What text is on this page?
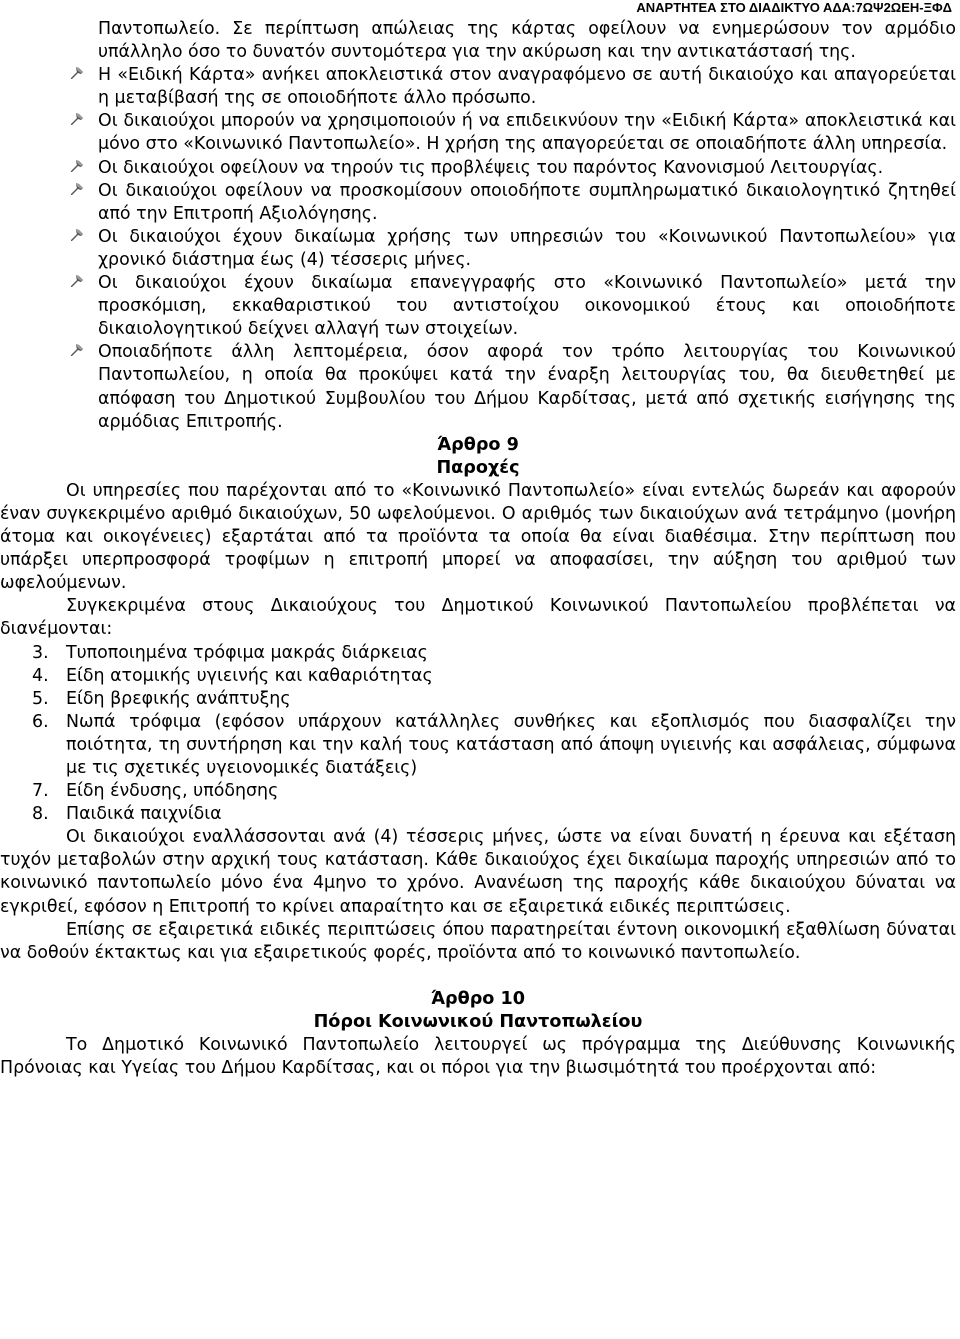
ΑΝΑΡΤΗΤΕΑ ΣΤΟ ΔΙΑΔΙΚΤΥΟ ΑΔΑ:7ΩΨ2ΩΕΗ-ΞΦΔ
Παντοπωλείο. Σε περίπτωση απώλειας της κάρτας οφείλουν να ενημερώσουν τον αρμόδιο υπάλληλο όσο το δυνατόν συντομότερα για την ακύρωση και την αντικατάστασή της.
Η «Ειδική Κάρτα» ανήκει αποκλειστικά στον αναγραφόμενο σε αυτή δικαιούχο και απαγορεύεται η μεταβίβασή της σε οποιοδήποτε άλλο πρόσωπο.
Οι δικαιούχοι μπορούν να χρησιμοποιούν ή να επιδεικνύουν την «Ειδική Κάρτα» αποκλειστικά και μόνο στο «Κοινωνικό Παντοπωλείο». Η χρήση της απαγορεύεται σε οποιαδήποτε άλλη υπηρεσία.
Οι δικαιούχοι οφείλουν να τηρούν τις προβλέψεις του παρόντος Κανονισμού Λειτουργίας.
Οι δικαιούχοι οφείλουν να προσκομίσουν οποιοδήποτε συμπληρωματικό δικαιολογητικό ζητηθεί από την Επιτροπή Αξιολόγησης.
Οι δικαιούχοι έχουν δικαίωμα χρήσης των υπηρεσιών του «Κοινωνικού Παντοπωλείου» για χρονικό διάστημα έως (4) τέσσερις μήνες.
Οι δικαιούχοι έχουν δικαίωμα επανεγγραφής στο «Κοινωνικό Παντοπωλείο» μετά την προσκόμιση, εκκαθαριστικού του αντιστοίχου οικονομικού έτους και οποιοδήποτε δικαιολογητικού δείχνει αλλαγή των στοιχείων.
Οποιαδήποτε άλλη λεπτομέρεια, όσον αφορά τον τρόπο λειτουργίας του Κοινωνικού Παντοπωλείου, η οποία θα προκύψει κατά την έναρξη λειτουργίας του, θα διευθετηθεί με απόφαση του Δημοτικού Συμβουλίου του Δήμου Καρδίτσας, μετά από σχετικής εισήγησης της αρμόδιας Επιτροπής.
Άρθρο 9
Παροχές
Οι υπηρεσίες που παρέχονται από το «Κοινωνικό Παντοπωλείο» είναι εντελώς δωρεάν και αφορούν έναν συγκεκριμένο αριθμό δικαιούχων, 50 ωφελούμενοι. Ο αριθμός των δικαιούχων ανά τετράμηνο (μονήρη άτομα και οικογένειες) εξαρτάται από τα προϊόντα τα οποία θα είναι διαθέσιμα. Στην περίπτωση που υπάρξει υπερπροσφορά τροφίμων η επιτροπή μπορεί να αποφασίσει, την αύξηση του αριθμού των ωφελούμενων.
Συγκεκριμένα στους Δικαιούχους του Δημοτικού Κοινωνικού Παντοπωλείου προβλέπεται να διανέμονται:
3. Τυποποιημένα τρόφιμα μακράς διάρκειας
4. Είδη ατομικής υγιεινής και καθαριότητας
5. Είδη βρεφικής ανάπτυξης
6. Νωπά τρόφιμα (εφόσον υπάρχουν κατάλληλες συνθήκες και εξοπλισμός που διασφαλίζει την ποιότητα, τη συντήρηση και την καλή τους κατάσταση από άποψη υγιεινής και ασφάλειας, σύμφωνα με τις σχετικές υγειονομικές διατάξεις)
7. Είδη ένδυσης, υπόδησης
8. Παιδικά παιχνίδια
Οι δικαιούχοι εναλλάσσονται ανά (4) τέσσερις μήνες, ώστε να είναι δυνατή η έρευνα και εξέταση τυχόν μεταβολών στην αρχική τους κατάσταση. Κάθε δικαιούχος έχει δικαίωμα παροχής υπηρεσιών από το κοινωνικό παντοπωλείο μόνο ένα 4μηνο το χρόνο. Ανανέωση της παροχής κάθε δικαιούχου δύναται να εγκριθεί, εφόσον η Επιτροπή το κρίνει απαραίτητο και σε εξαιρετικά ειδικές περιπτώσεις.
Επίσης σε εξαιρετικά ειδικές περιπτώσεις όπου παρατηρείται έντονη οικονομική εξαθλίωση δύναται να δοθούν έκτακτως και για εξαιρετικούς φορές, προϊόντα από το κοινωνικό παντοπωλείο.
Άρθρο 10
Πόροι Κοινωνικού Παντοπωλείου
Το Δημοτικό Κοινωνικό Παντοπωλείο λειτουργεί ως πρόγραμμα της Διεύθυνσης Κοινωνικής Πρόνοιας και Υγείας του Δήμου Καρδίτσας, και οι πόροι για την βιωσιμότητά του προέρχονται από:
